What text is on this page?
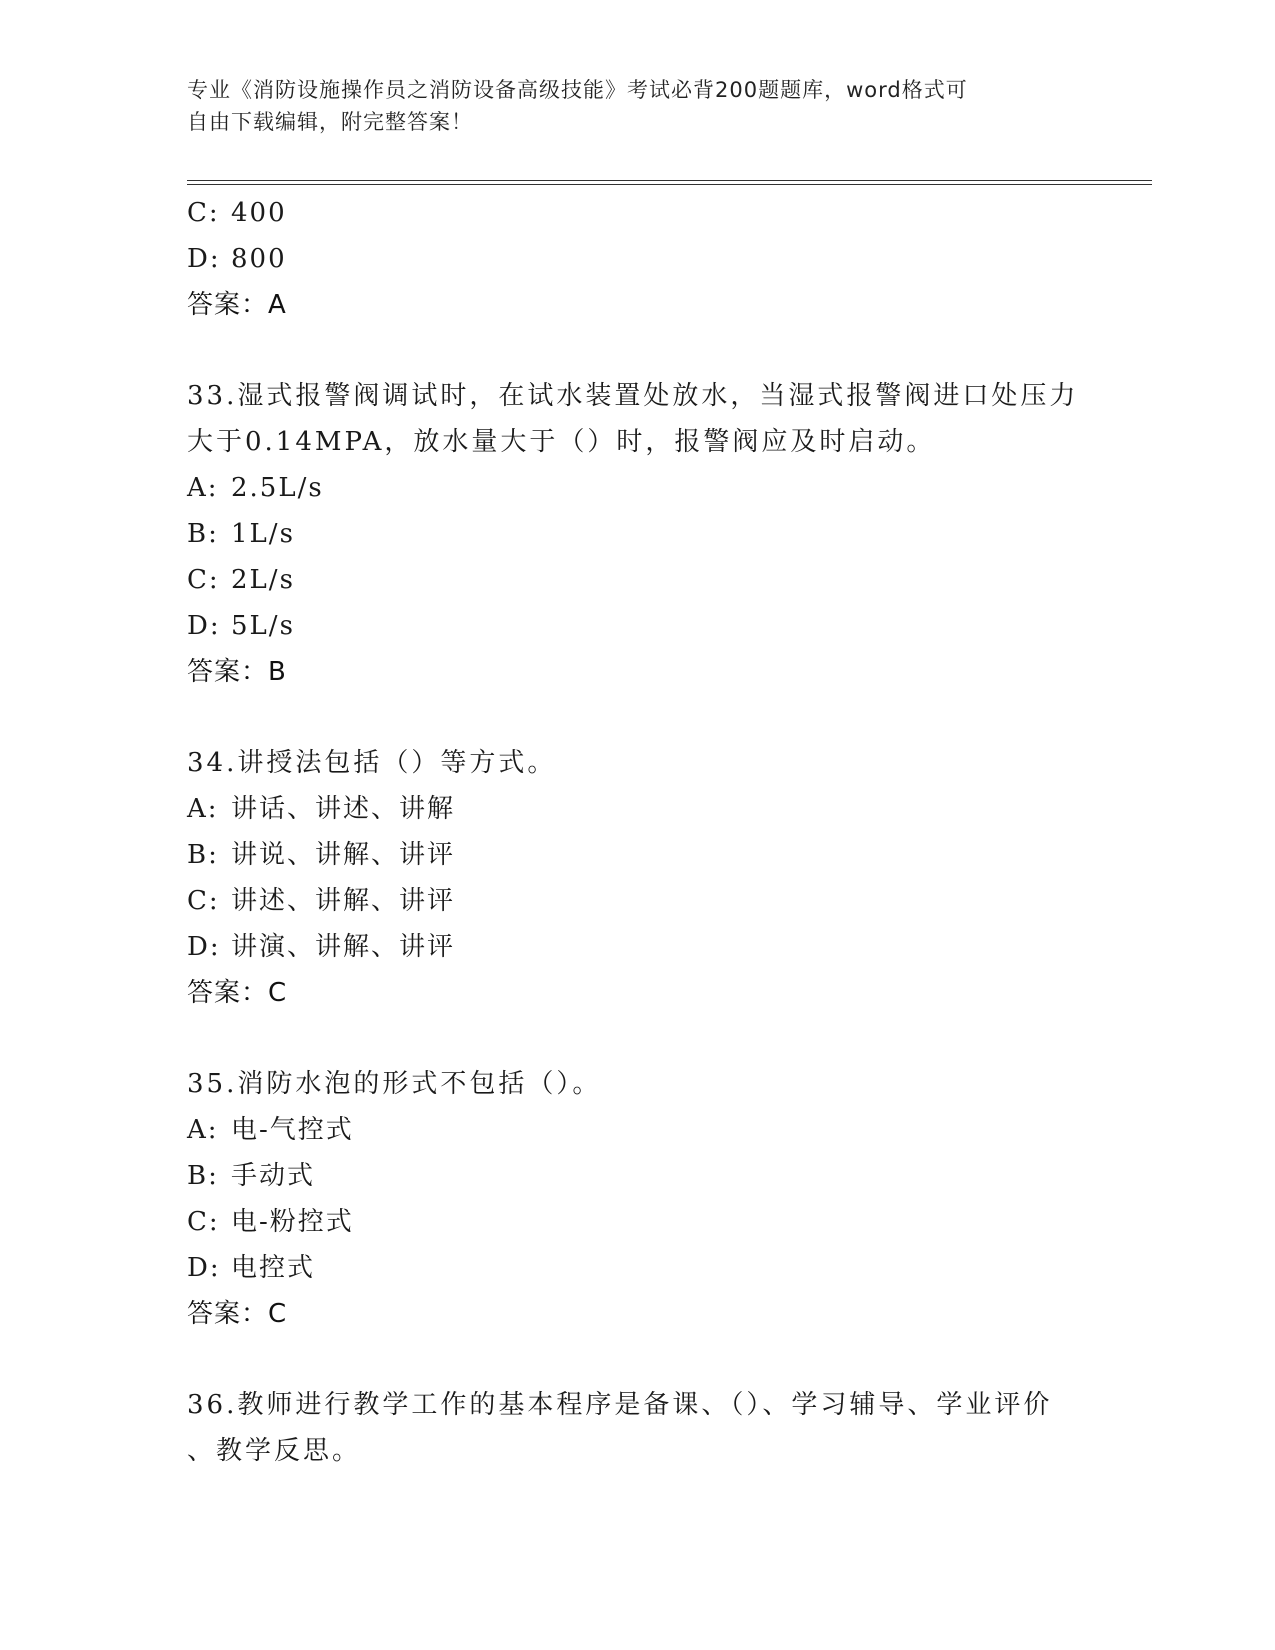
专业《消防设施操作员之消防设备高级技能》考试必背200题题库，word格式可
自由下载编辑，附完整答案！
C: 400
D: 800
答案：A
33.湿式报警阀调试时，在试水装置处放水，当湿式报警阀进口处压力
大于0.14MPA，放水量大于（）时，报警阀应及时启动。
A: 2.5L/s
B: 1L/s
C: 2L/s
D: 5L/s
答案：B
34.讲授法包括（）等方式。
A: 讲话、讲述、讲解
B: 讲说、讲解、讲评
C: 讲述、讲解、讲评
D: 讲演、讲解、讲评
答案：C
35.消防水泡的形式不包括（）。
A: 电-气控式
B: 手动式
C: 电-粉控式
D: 电控式
答案：C
36.教师进行教学工作的基本程序是备课、（）、学习辅导、学业评价
、教学反思。
